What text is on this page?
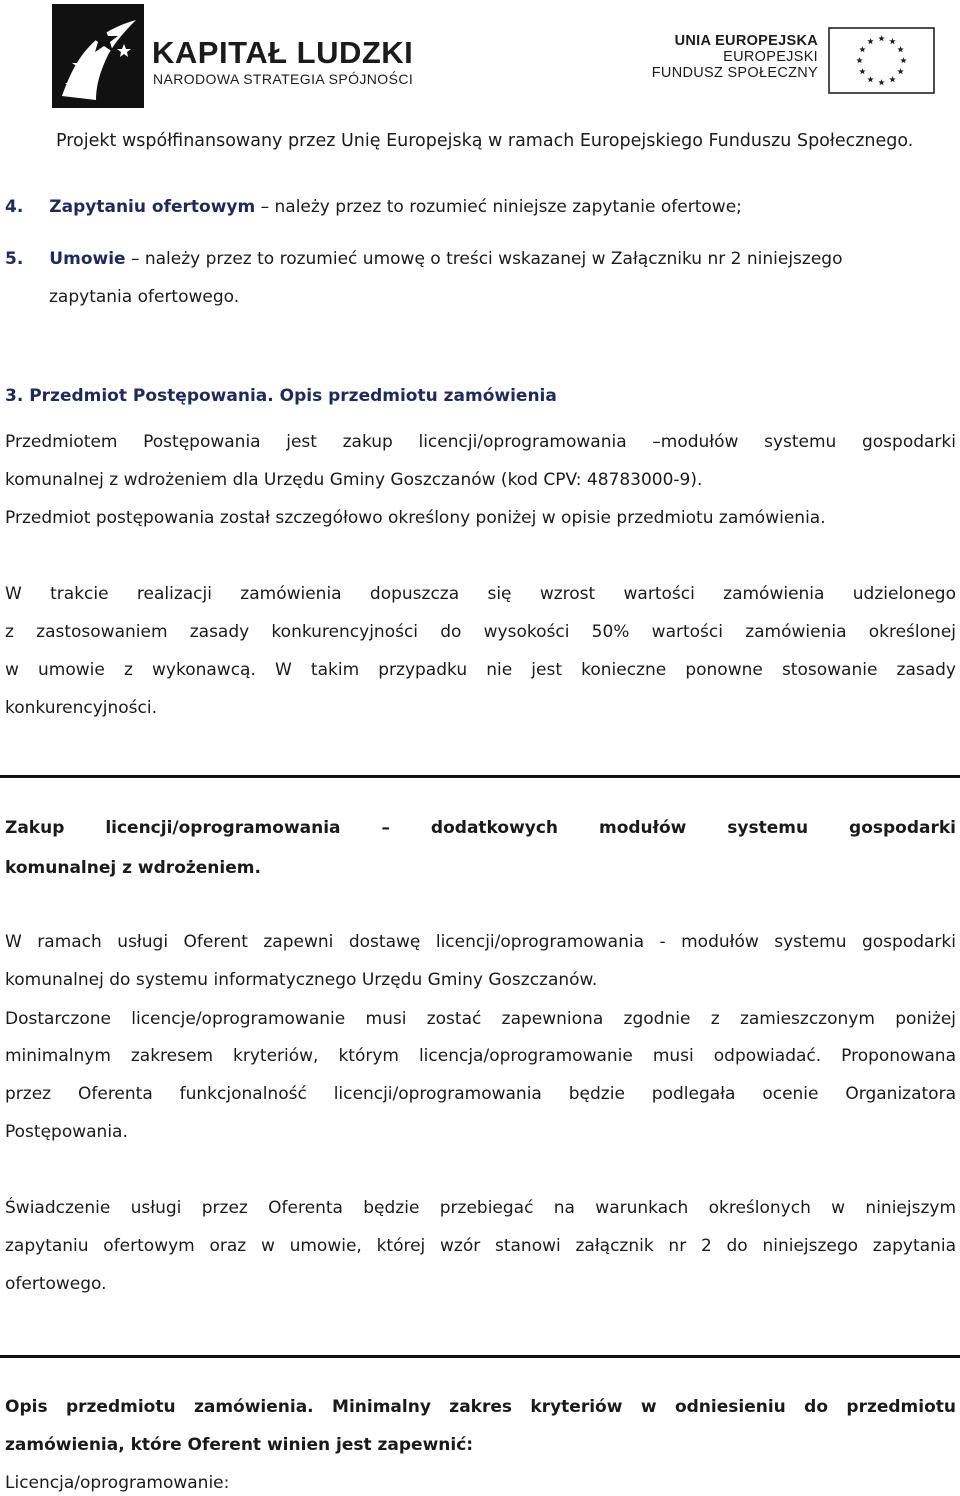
KAPITAŁ LUDZKI
NARODOWA STRATEGIA SPÓJNOŚCI
UNIA EUROPEJSKA
EUROPEJSKI
FUNDUSZ SPOŁECZNY
Projekt współfinansowany przez Unię Europejską w ramach Europejskiego Funduszu Społecznego.
4. Zapytaniu ofertowym – należy przez to rozumieć niniejsze zapytanie ofertowe;
5. Umowie – należy przez to rozumieć umowę o treści wskazanej w Załączniku nr 2 niniejszego
zapytania ofertowego.
3. Przedmiot Postępowania. Opis przedmiotu zamówienia
Przedmiotem Postępowania jest zakup licencji/oprogramowania –modułów systemu gospodarki
komunalnej z wdrożeniem dla Urzędu Gminy Goszczanów (kod CPV: 48783000-9).
Przedmiot postępowania został szczegółowo określony poniżej w opisie przedmiotu zamówienia.
W trakcie realizacji zamówienia dopuszcza się wzrost wartości zamówienia udzielonego
z zastosowaniem zasady konkurencyjności do wysokości 50% wartości zamówienia określonej
w umowie z wykonawcą. W takim przypadku nie jest konieczne ponowne stosowanie zasady
konkurencyjności.
Zakup licencji/oprogramowania – dodatkowych modułów systemu gospodarki
komunalnej z wdrożeniem.
W ramach usługi Oferent zapewni dostawę licencji/oprogramowania - modułów systemu gospodarki
komunalnej do systemu informatycznego Urzędu Gminy Goszczanów.
Dostarczone licencje/oprogramowanie musi zostać zapewniona zgodnie z zamieszczonym poniżej
minimalnym zakresem kryteriów, którym licencja/oprogramowanie musi odpowiadać. Proponowana
przez Oferenta funkcjonalność licencji/oprogramowania będzie podlegała ocenie Organizatora
Postępowania.
Świadczenie usługi przez Oferenta będzie przebiegać na warunkach określonych w niniejszym
zapytaniu ofertowym oraz w umowie, której wzór stanowi załącznik nr 2 do niniejszego zapytania
ofertowego.
Opis przedmiotu zamówienia. Minimalny zakres kryteriów w odniesieniu do przedmiotu
zamówienia, które Oferent winien jest zapewnić:
Licencja/oprogramowanie:
